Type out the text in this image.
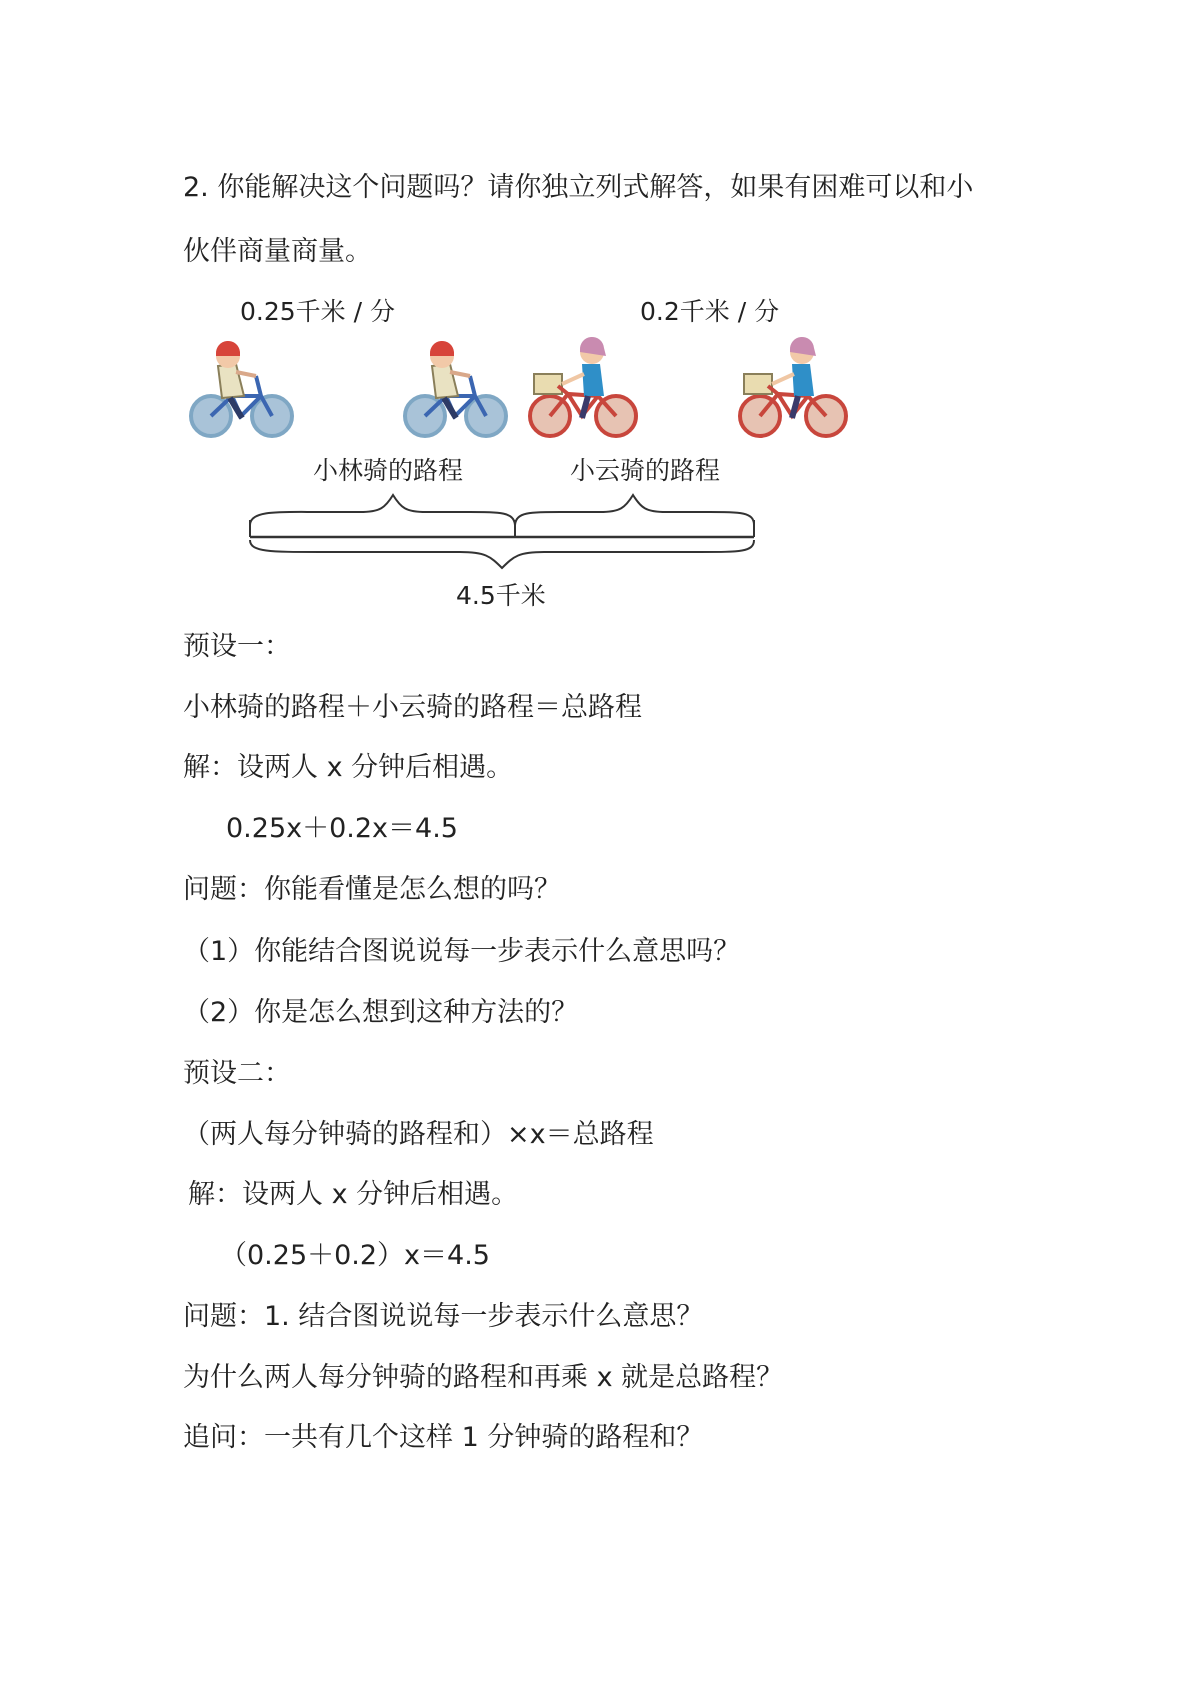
2. 你能解决这个问题吗？请你独立列式解答，如果有困难可以和小
伙伴商量商量。
0.25千米 / 分	0.2千米 / 分
小林骑的路程	小云骑的路程
4.5千米
预设一：
小林骑的路程＋小云骑的路程＝总路程
解：设两人 x 分钟后相遇。
0.25x＋0.2x＝4.5
问题：你能看懂是怎么想的吗？
（1）你能结合图说说每一步表示什么意思吗？
（2）你是怎么想到这种方法的？
预设二：
（两人每分钟骑的路程和）×x＝总路程
解：设两人 x 分钟后相遇。
（0.25＋0.2）x＝4.5
问题：1. 结合图说说每一步表示什么意思？
为什么两人每分钟骑的路程和再乘 x 就是总路程？
追问：一共有几个这样 1 分钟骑的路程和？
